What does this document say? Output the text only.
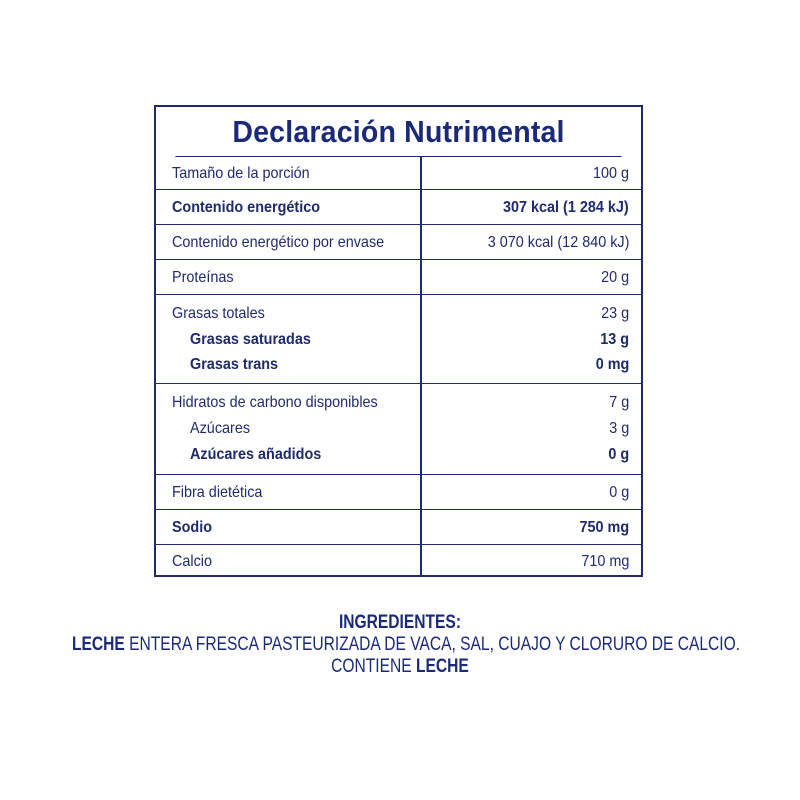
Declaración Nutrimental
Tamaño de la porción	100 g
Contenido energético	307 kcal (1 284 kJ)
Contenido energético por envase	3 070 kcal (12 840 kJ)
Proteínas	20 g
Grasas totales	23 g
Grasas saturadas	13 g
Grasas trans	0 mg
Hidratos de carbono disponibles	7 g
Azúcares	3 g
Azúcares añadidos	0 g
Fibra dietética	0 g
Sodio	750 mg
Calcio	710 mg
INGREDIENTES:
LECHE ENTERA FRESCA PASTEURIZADA DE VACA, SAL, CUAJO Y CLORURO DE CALCIO.
CONTIENE LECHE
